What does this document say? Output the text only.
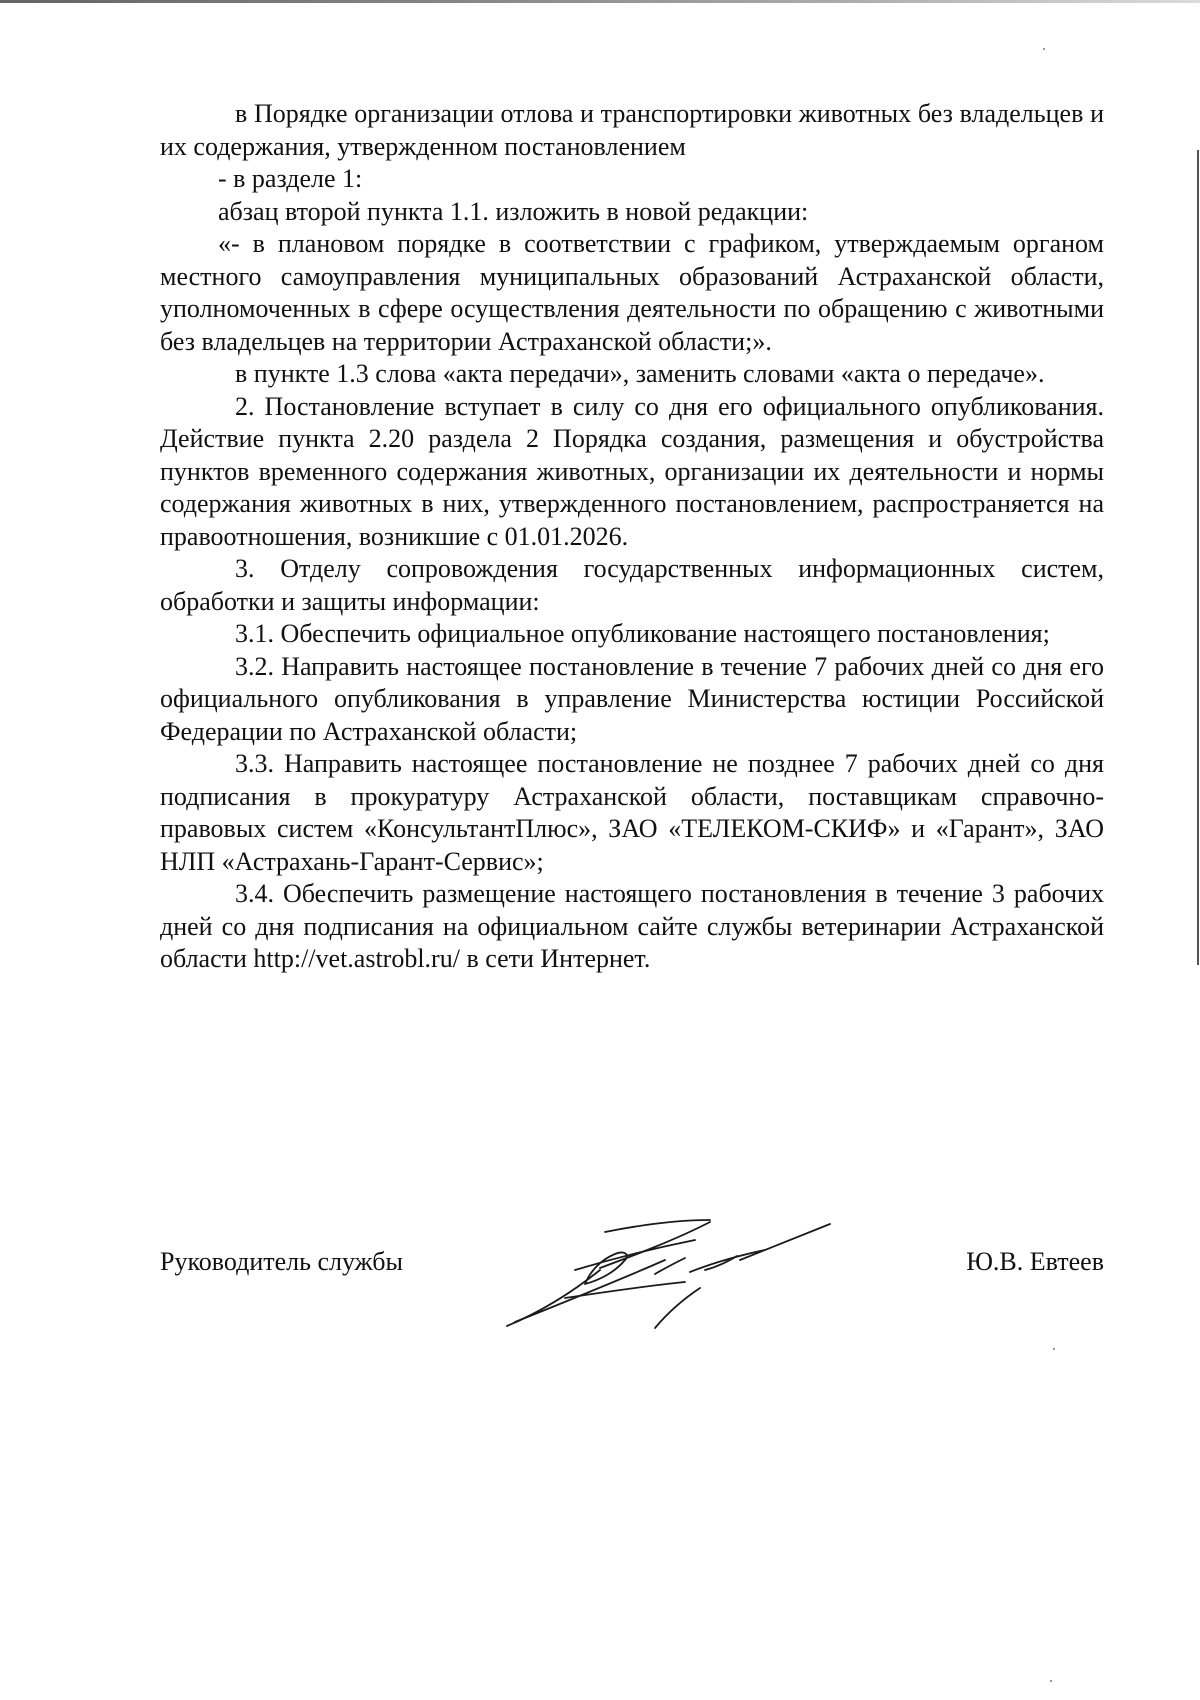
в Порядке организации отлова и транспортировки животных без владельцев и их содержания, утвержденном постановлением

- в разделе 1:

абзац второй пункта 1.1. изложить в новой редакции:

«- в плановом порядке в соответствии с графиком, утверждаемым органом местного самоуправления муниципальных образований Астраханской области, уполномоченных в сфере осуществления деятельности по обращению с животными без владельцев на территории Астраханской области;».

в пункте 1.3 слова «акта передачи», заменить словами «акта о передаче».

2. Постановление вступает в силу со дня его официального опубликования. Действие пункта 2.20 раздела 2 Порядка создания, размещения и обустройства пунктов временного содержания животных, организации их деятельности и нормы содержания животных в них, утвержденного постановлением, распространяется на правоотношения, возникшие с 01.01.2026.

3. Отделу сопровождения государственных информационных систем, обработки и защиты информации:

3.1. Обеспечить официальное опубликование настоящего постановления;

3.2. Направить настоящее постановление в течение 7 рабочих дней со дня его официального опубликования в управление Министерства юстиции Российской Федерации по Астраханской области;

3.3. Направить настоящее постановление не позднее 7 рабочих дней со дня подписания в прокуратуру Астраханской области, поставщикам справочно-правовых систем «КонсультантПлюс», ЗАО «ТЕЛЕКОМ-СКИФ» и «Гарант», ЗАО НЛП «Астрахань-Гарант-Сервис»;

3.4. Обеспечить размещение настоящего постановления в течение 3 рабочих дней со дня подписания на официальном сайте службы ветеринарии Астраханской области http://vet.astrobl.ru/ в сети Интернет.

Руководитель службы	Ю.В. Евтеев
